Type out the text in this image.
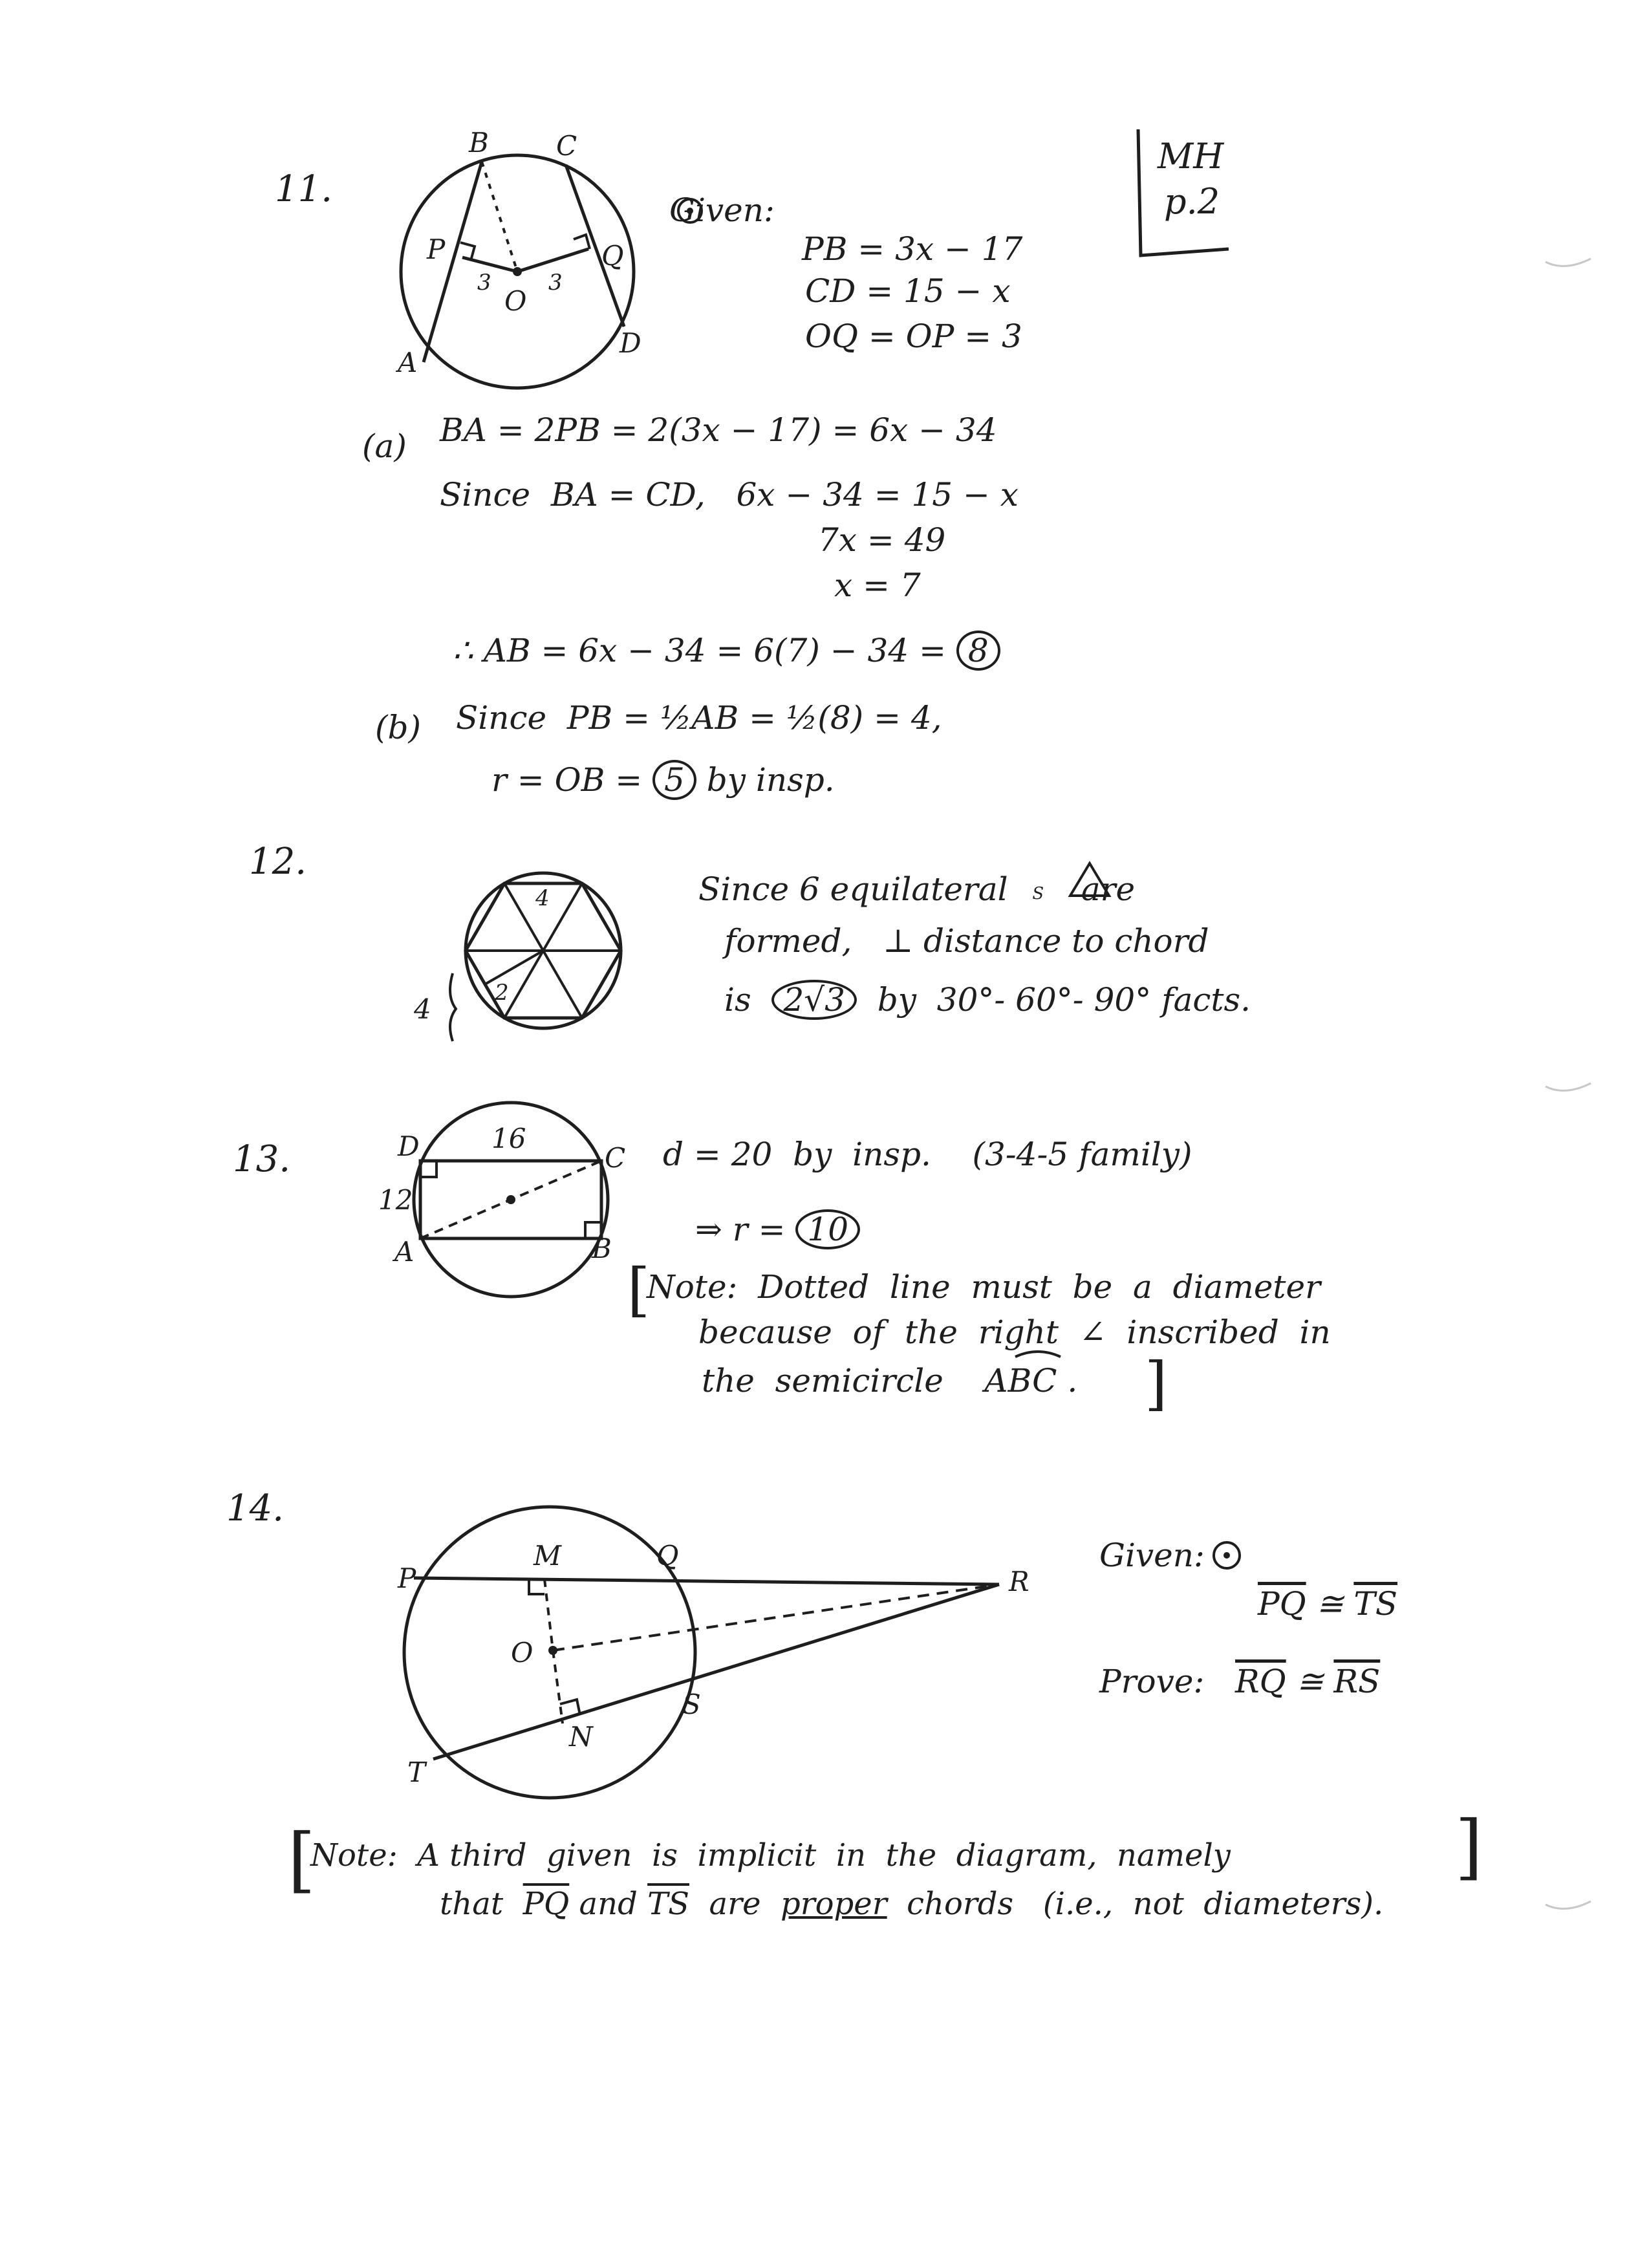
MH
p.2
11.
B C
P	Q
O
3	3
A
D
Given:
PB = 3x − 17
CD = 15 − x
OQ = OP = 3
(a) BA = 2PB = 2(3x − 17) = 6x − 34
Since  BA = CD,   6x − 34 = 15 − x
7x = 49
x = 7
∴ AB = 6x − 34 = 6(7) − 34 = 8
(b) Since  PB = ½AB = ½(8) = 4,
r = OB = 5 by insp.
12.
4
2
4
Since 6 equilateral S are
formed,   ⊥ distance to chord
is 2√3 by  30°- 60°- 90° facts.
13.	D	C
A	B
16
12
d = 20  by  insp.    (3-4-5 family)
⇒ r = 10
[
Note:  Dotted  line  must  be  a  diameter
because  of  the  right  ∠  inscribed  in
the  semicircle ABC . ]
14.
P
M	Q
R
O
S
N
T
Given:
$\overline{PQ}$ ≅ $\overline{TS}$
Prove: $\overline{RQ}$ ≅ $\overline{RS}$
[
Note:  A third  given  is  implicit  in  the  diagram,  namely
that $\overline{PQ}$ and $\overline{TS}$ are proper chords   (i.e.,  not  diameters).
]
